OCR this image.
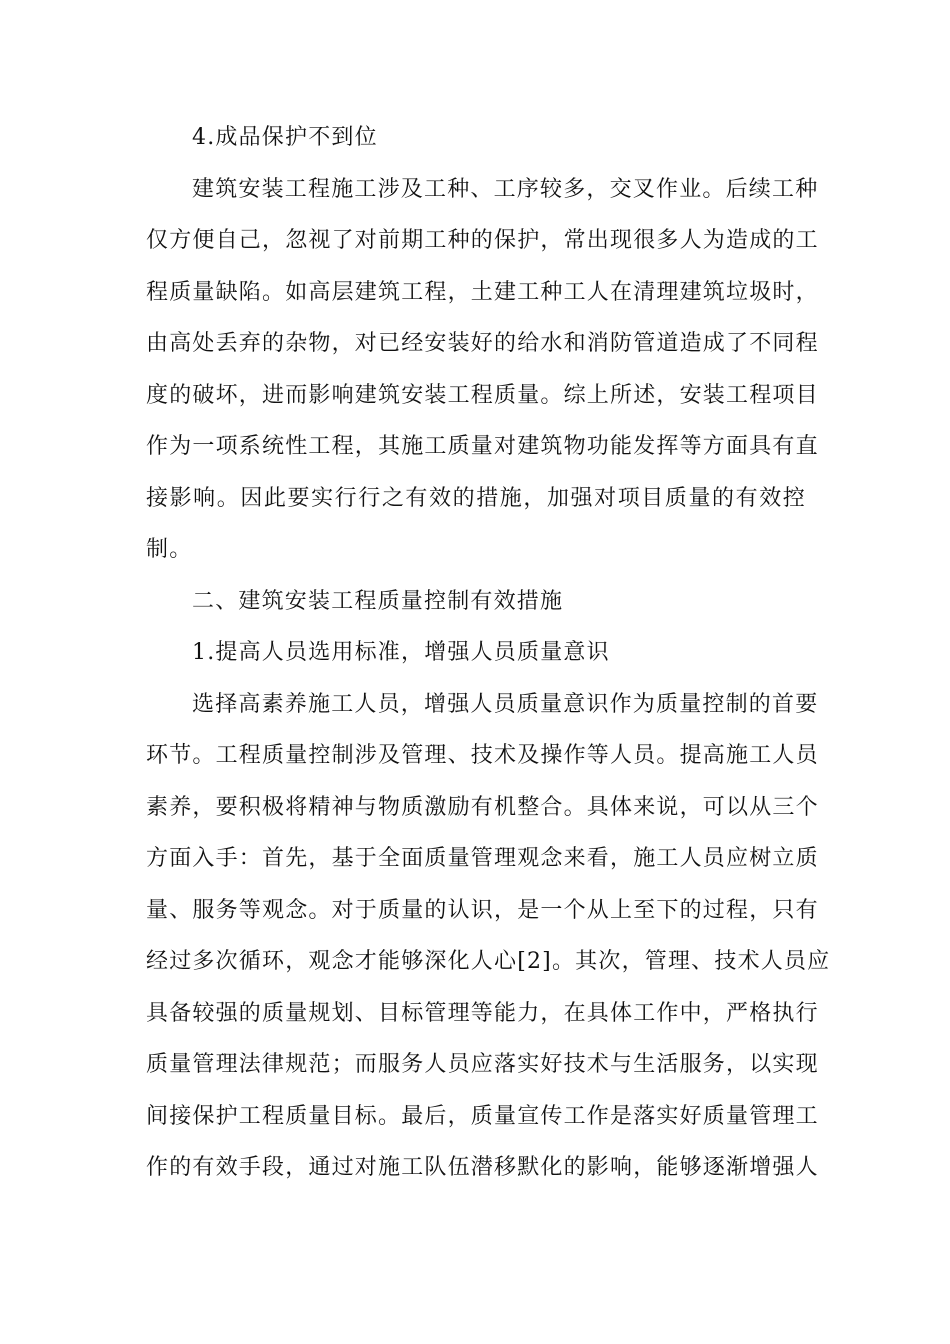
4.成品保护不到位
建筑安装工程施工涉及工种、工序较多，交叉作业。后续工种
仅方便自己，忽视了对前期工种的保护，常出现很多人为造成的工
程质量缺陷。如高层建筑工程，土建工种工人在清理建筑垃圾时，
由高处丢弃的杂物，对已经安装好的给水和消防管道造成了不同程
度的破坏，进而影响建筑安装工程质量。综上所述，安装工程项目
作为一项系统性工程，其施工质量对建筑物功能发挥等方面具有直
接影响。因此要实行行之有效的措施，加强对项目质量的有效控
制。
二、建筑安装工程质量控制有效措施
1.提高人员选用标准，增强人员质量意识
选择高素养施工人员，增强人员质量意识作为质量控制的首要
环节。工程质量控制涉及管理、技术及操作等人员。提高施工人员
素养，要积极将精神与物质激励有机整合。具体来说，可以从三个
方面入手：首先，基于全面质量管理观念来看，施工人员应树立质
量、服务等观念。对于质量的认识，是一个从上至下的过程，只有
经过多次循环，观念才能够深化人心[2]。其次，管理、技术人员应
具备较强的质量规划、目标管理等能力，在具体工作中，严格执行
质量管理法律规范；而服务人员应落实好技术与生活服务，以实现
间接保护工程质量目标。最后，质量宣传工作是落实好质量管理工
作的有效手段，通过对施工队伍潜移默化的影响，能够逐渐增强人
